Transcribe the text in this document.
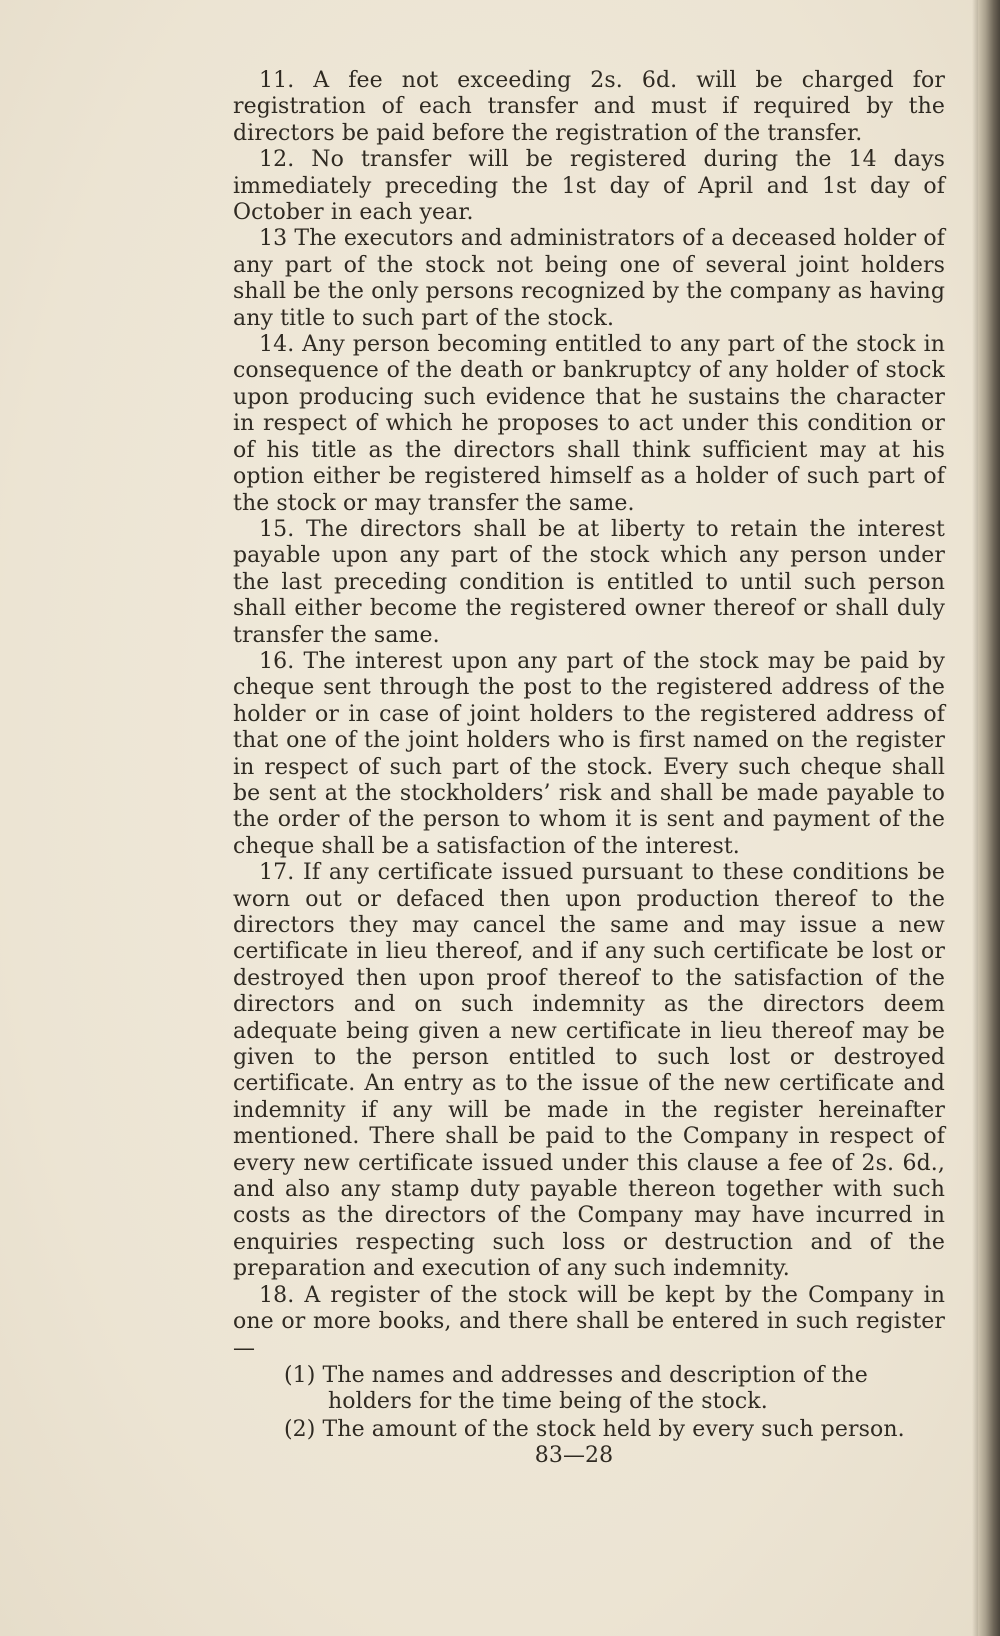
11. A fee not exceeding 2s. 6d. will be charged for registration of each transfer and must if required by the directors be paid before the registration of the transfer.

12. No transfer will be registered during the 14 days immediately preceding the 1st day of April and 1st day of October in each year.

13 The executors and administrators of a deceased holder of any part of the stock not being one of several joint holders shall be the only persons recognized by the company as having any title to such part of the stock.

14. Any person becoming entitled to any part of the stock in consequence of the death or bankruptcy of any holder of stock upon producing such evidence that he sustains the character in respect of which he proposes to act under this condition or of his title as the directors shall think sufficient may at his option either be registered himself as a holder of such part of the stock or may transfer the same.

15. The directors shall be at liberty to retain the interest payable upon any part of the stock which any person under the last preceding condition is entitled to until such person shall either become the registered owner thereof or shall duly transfer the same.

16. The interest upon any part of the stock may be paid by cheque sent through the post to the registered address of the holder or in case of joint holders to the registered address of that one of the joint holders who is first named on the register in respect of such part of the stock. Every such cheque shall be sent at the stockholders’ risk and shall be made payable to the order of the person to whom it is sent and payment of the cheque shall be a satisfaction of the interest.

17. If any certificate issued pursuant to these conditions be worn out or defaced then upon production thereof to the directors they may cancel the same and may issue a new certificate in lieu thereof, and if any such certificate be lost or destroyed then upon proof thereof to the satisfaction of the directors and on such indemnity as the directors deem adequate being given a new certificate in lieu thereof may be given to the person entitled to such lost or destroyed certificate. An entry as to the issue of the new certificate and indemnity if any will be made in the register hereinafter mentioned. There shall be paid to the Company in respect of every new certificate issued under this clause a fee of 2s. 6d., and also any stamp duty payable thereon together with such costs as the directors of the Company may have incurred in enquiries respecting such loss or destruction and of the preparation and execution of any such indemnity.

18. A register of the stock will be kept by the Company in one or more books, and there shall be entered in such register—

(1) The names and addresses and description of the holders for the time being of the stock.

(2) The amount of the stock held by every such person.

83—28
